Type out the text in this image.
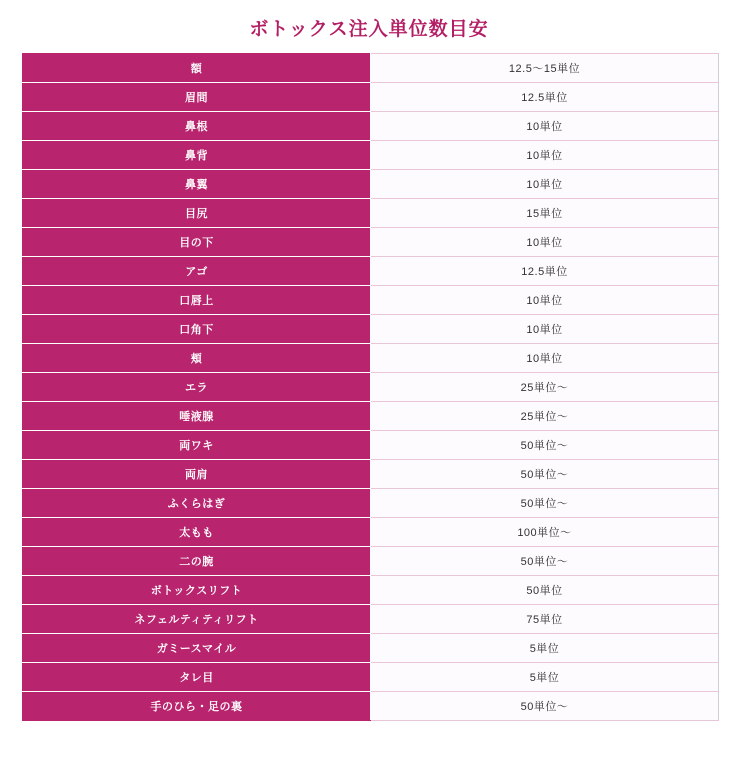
ボトックス注入単位数目安
額	12.5〜15単位
眉間	12.5単位
鼻根	10単位
鼻背	10単位
鼻翼	10単位
目尻	15単位
目の下	10単位
アゴ	12.5単位
口唇上	10単位
口角下	10単位
頬	10単位
エラ	25単位〜
唾液腺	25単位〜
両ワキ	50単位〜
両肩	50単位〜
ふくらはぎ	50単位〜
太もも	100単位〜
二の腕	50単位〜
ボトックスリフト	50単位
ネフェルティティリフト	75単位
ガミースマイル	5単位
タレ目	5単位
手のひら・足の裏	50単位〜
